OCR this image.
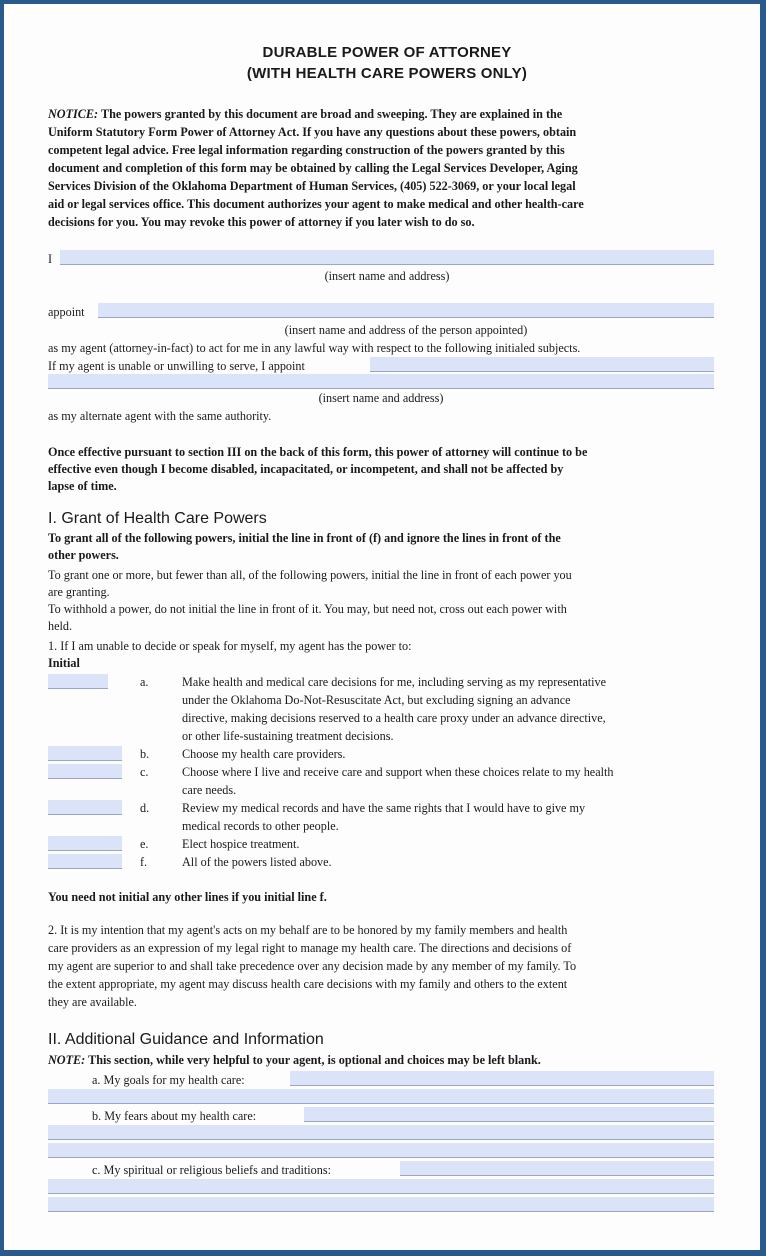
DURABLE POWER OF ATTORNEY
(WITH HEALTH CARE POWERS ONLY)
NOTICE: The powers granted by this document are broad and sweeping. They are explained in the
Uniform Statutory Form Power of Attorney Act. If you have any questions about these powers, obtain
competent legal advice. Free legal information regarding construction of the powers granted by this
document and completion of this form may be obtained by calling the Legal Services Developer, Aging
Services Division of the Oklahoma Department of Human Services, (405) 522-3069, or your local legal
aid or legal services office. This document authorizes your agent to make medical and other health-care
decisions for you. You may revoke this power of attorney if you later wish to do so.
I
(insert name and address)
appoint
(insert name and address of the person appointed)
as my agent (attorney-in-fact) to act for me in any lawful way with respect to the following initialed subjects.
If my agent is unable or unwilling to serve, I appoint
(insert name and address)
as my alternate agent with the same authority.
Once effective pursuant to section III on the back of this form, this power of attorney will continue to be
effective even though I become disabled, incapacitated, or incompetent, and shall not be affected by
lapse of time.
I. Grant of Health Care Powers
To grant all of the following powers, initial the line in front of (f) and ignore the lines in front of the
other powers.
To grant one or more, but fewer than all, of the following powers, initial the line in front of each power you
are granting.
To withhold a power, do not initial the line in front of it. You may, but need not, cross out each power with
held.
1. If I am unable to decide or speak for myself, my agent has the power to:
Initial
a.	Make health and medical care decisions for me, including serving as my representative
under the Oklahoma Do-Not-Resuscitate Act, but excluding signing an advance
directive, making decisions reserved to a health care proxy under an advance directive,
or other life-sustaining treatment decisions.
b.	Choose my health care providers.
c.	Choose where I live and receive care and support when these choices relate to my health
care needs.
d.	Review my medical records and have the same rights that I would have to give my
medical records to other people.
e.	Elect hospice treatment.
f.	All of the powers listed above.
You need not initial any other lines if you initial line f.
2. It is my intention that my agent's acts on my behalf are to be honored by my family members and health
care providers as an expression of my legal right to manage my health care. The directions and decisions of
my agent are superior to and shall take precedence over any decision made by any member of my family. To
the extent appropriate, my agent may discuss health care decisions with my family and others to the extent
they are available.
II. Additional Guidance and Information
NOTE: This section, while very helpful to your agent, is optional and choices may be left blank.
a. My goals for my health care:
b. My fears about my health care:
c. My spiritual or religious beliefs and traditions:
